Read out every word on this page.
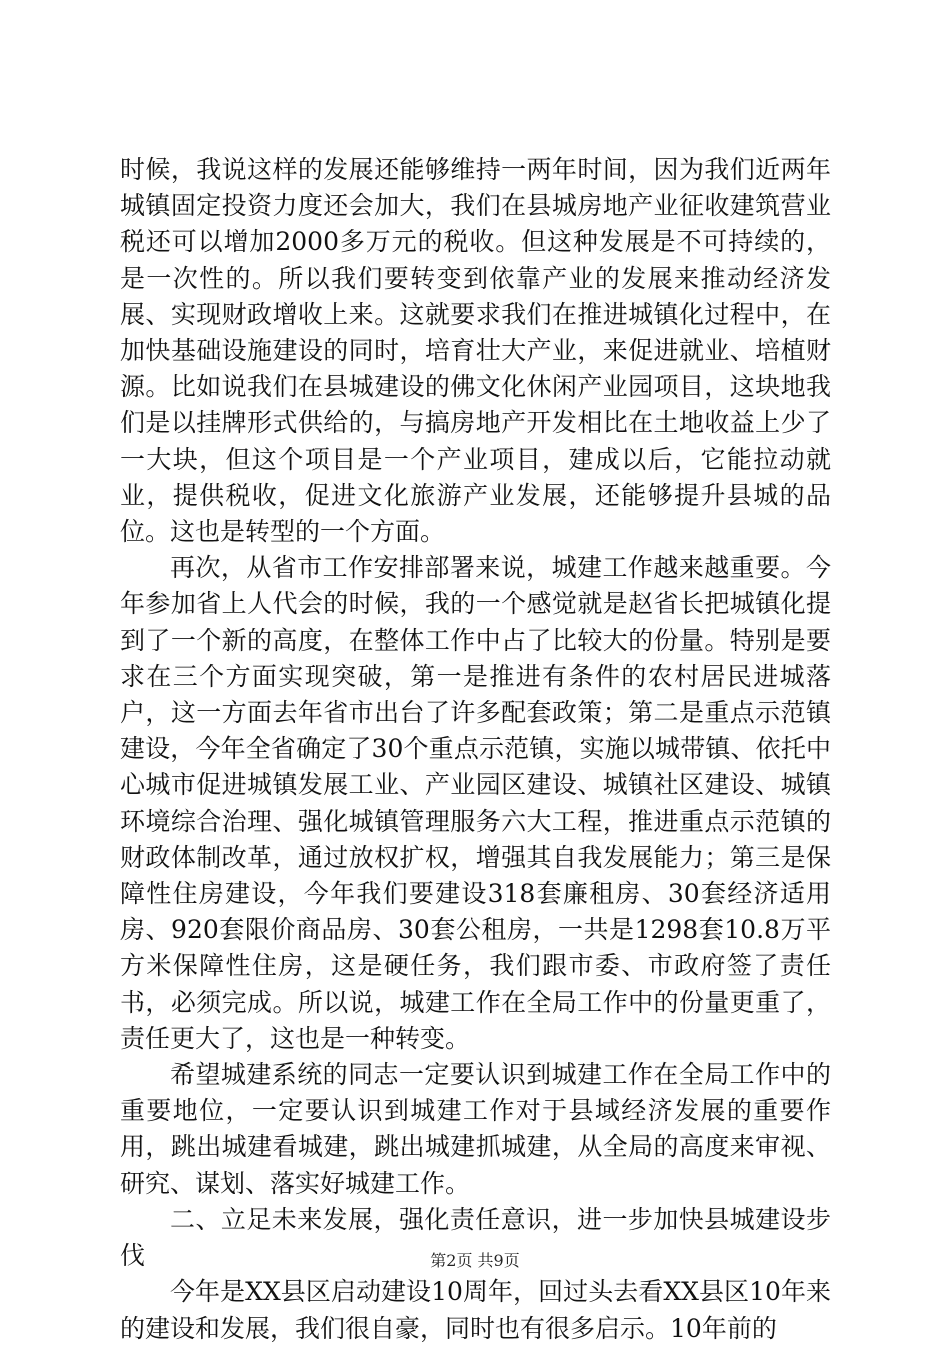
时候，我说这样的发展还能够维持一两年时间，因为我们近两年城镇固定投资力度还会加大，我们在县城房地产业征收建筑营业税还可以增加2000多万元的税收。但这种发展是不可持续的，是一次性的。所以我们要转变到依靠产业的发展来推动经济发展、实现财政增收上来。这就要求我们在推进城镇化过程中，在加快基础设施建设的同时，培育壮大产业，来促进就业、培植财源。比如说我们在县城建设的佛文化休闲产业园项目，这块地我们是以挂牌形式供给的，与搞房地产开发相比在土地收益上少了一大块，但这个项目是一个产业项目，建成以后，它能拉动就业，提供税收，促进文化旅游产业发展，还能够提升县城的品位。这也是转型的一个方面。

再次，从省市工作安排部署来说，城建工作越来越重要。今年参加省上人代会的时候，我的一个感觉就是赵省长把城镇化提到了一个新的高度，在整体工作中占了比较大的份量。特别是要求在三个方面实现突破，第一是推进有条件的农村居民进城落户，这一方面去年省市出台了许多配套政策；第二是重点示范镇建设，今年全省确定了30个重点示范镇，实施以城带镇、依托中心城市促进城镇发展工业、产业园区建设、城镇社区建设、城镇环境综合治理、强化城镇管理服务六大工程，推进重点示范镇的财政体制改革，通过放权扩权，增强其自我发展能力；第三是保障性住房建设，今年我们要建设318套廉租房、30套经济适用房、920套限价商品房、30套公租房，一共是1298套10.8万平方米保障性住房，这是硬任务，我们跟市委、市政府签了责任书，必须完成。所以说，城建工作在全局工作中的份量更重了，责任更大了，这也是一种转变。

希望城建系统的同志一定要认识到城建工作在全局工作中的重要地位，一定要认识到城建工作对于县域经济发展的重要作用，跳出城建看城建，跳出城建抓城建，从全局的高度来审视、研究、谋划、落实好城建工作。

二、立足未来发展，强化责任意识，进一步加快县城建设步伐

今年是XX县区启动建设10周年，回过头去看XX县区10年来的建设和发展，我们很自豪，同时也有很多启示。10年前的

第2页 共9页
